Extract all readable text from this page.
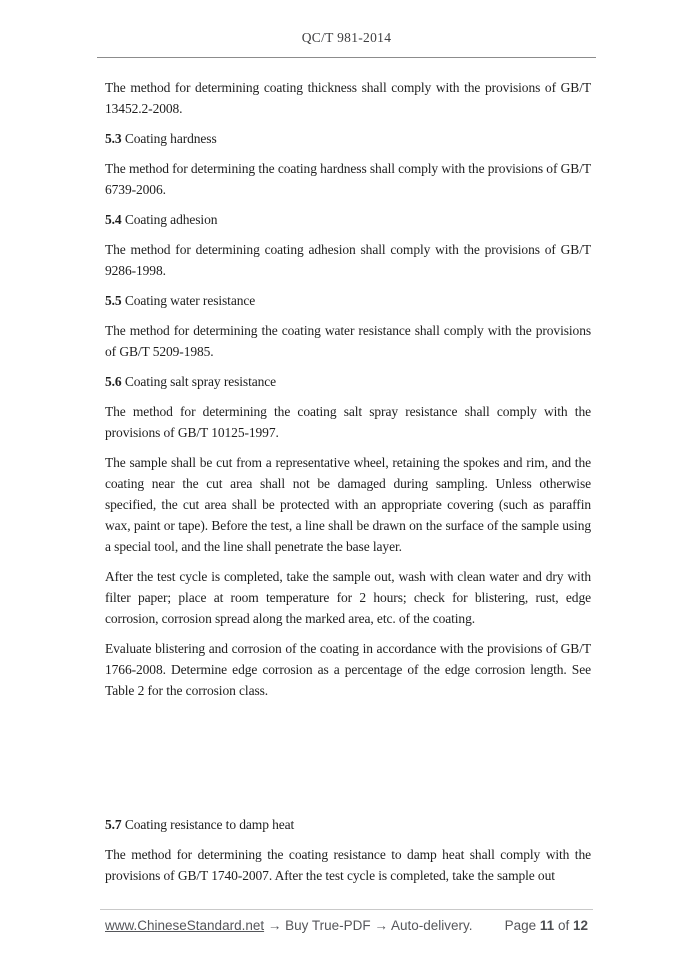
QC/T 981-2014

The method for determining coating thickness shall comply with the provisions of GB/T 13452.2-2008.

5.3 Coating hardness

The method for determining the coating hardness shall comply with the provisions of GB/T 6739-2006.

5.4 Coating adhesion

The method for determining coating adhesion shall comply with the provisions of GB/T 9286-1998.

5.5 Coating water resistance

The method for determining the coating water resistance shall comply with the provisions of GB/T 5209-1985.

5.6 Coating salt spray resistance

The method for determining the coating salt spray resistance shall comply with the provisions of GB/T 10125-1997.

The sample shall be cut from a representative wheel, retaining the spokes and rim, and the coating near the cut area shall not be damaged during sampling. Unless otherwise specified, the cut area shall be protected with an appropriate covering (such as paraffin wax, paint or tape). Before the test, a line shall be drawn on the surface of the sample using a special tool, and the line shall penetrate the base layer.

After the test cycle is completed, take the sample out, wash with clean water and dry with filter paper; place at room temperature for 2 hours; check for blistering, rust, edge corrosion, corrosion spread along the marked area, etc. of the coating.

Evaluate blistering and corrosion of the coating in accordance with the provisions of GB/T 1766-2008. Determine edge corrosion as a percentage of the edge corrosion length. See Table 2 for the corrosion class.

5.7 Coating resistance to damp heat

The method for determining the coating resistance to damp heat shall comply with the provisions of GB/T 1740-2007. After the test cycle is completed, take the sample out

www.ChineseStandard.net → Buy True-PDF → Auto-delivery. Page 11 of 12
